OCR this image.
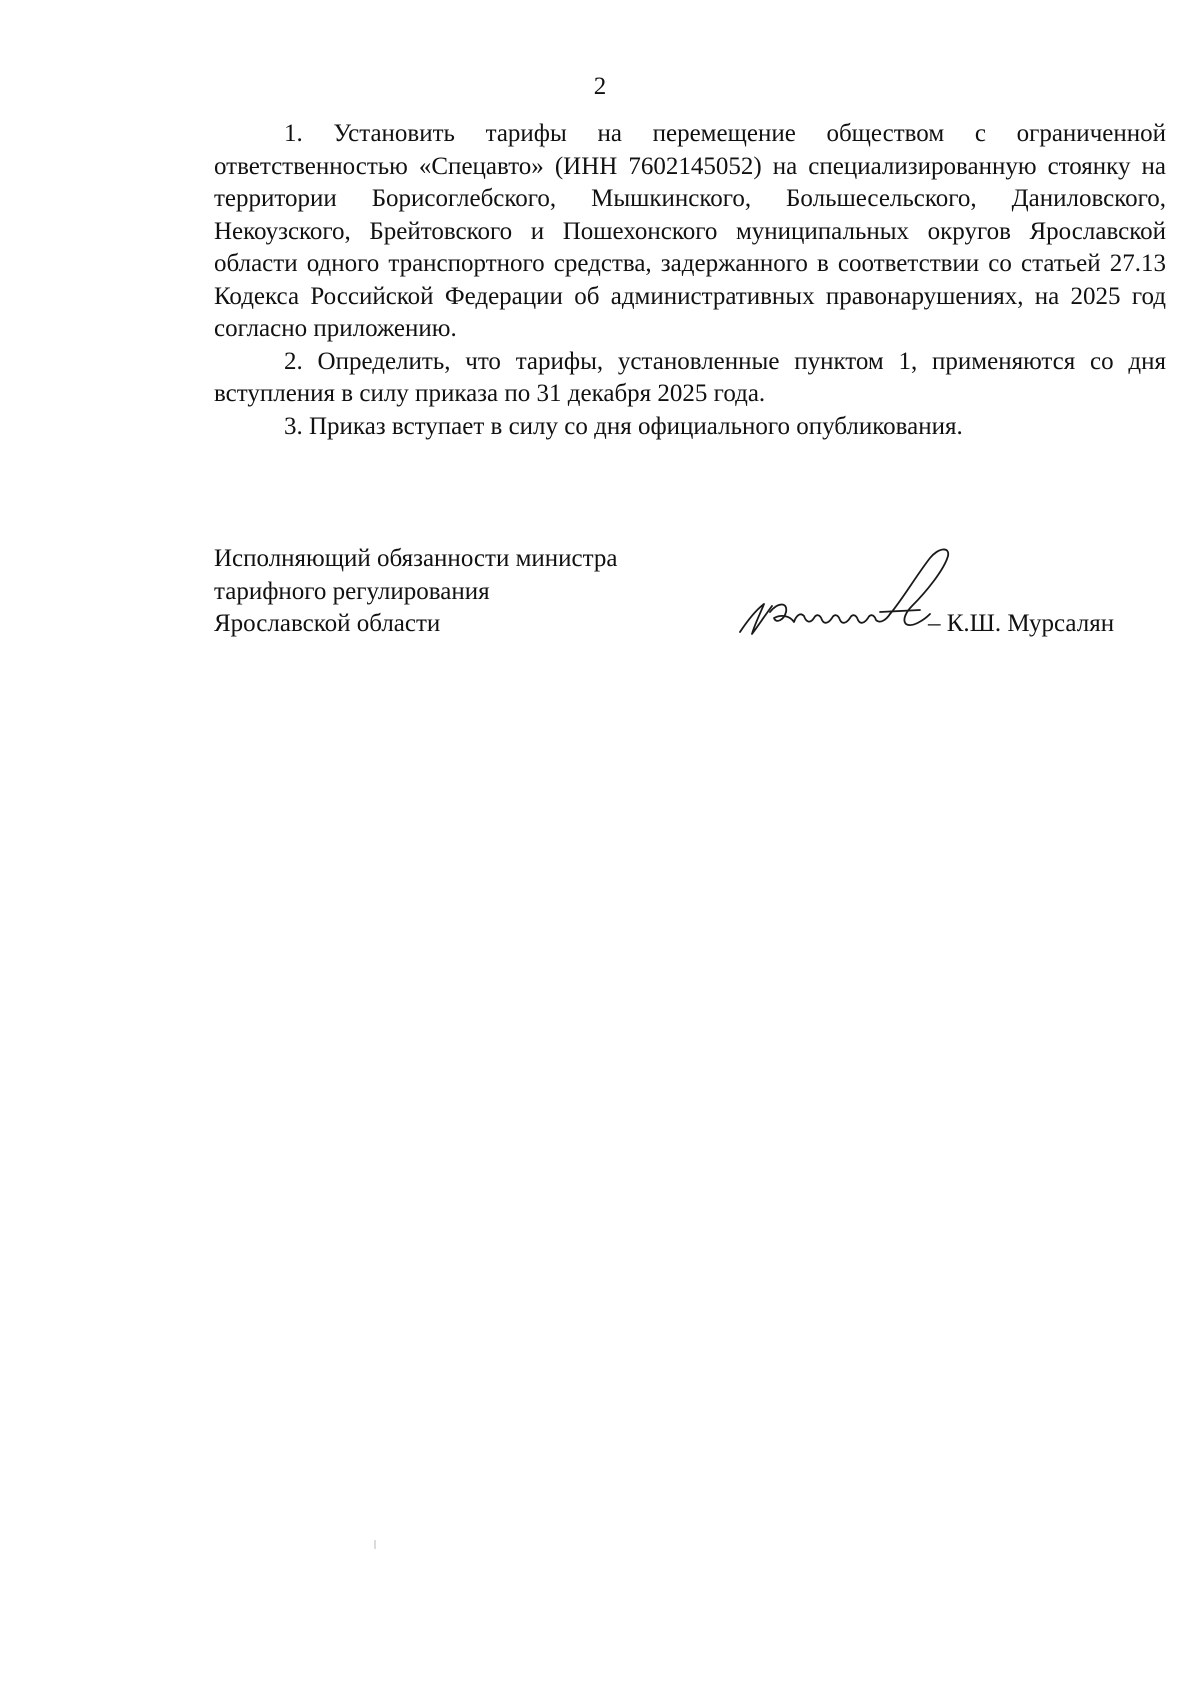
2

1. Установить тарифы на перемещение обществом с ограниченной ответственностью «Спецавто» (ИНН 7602145052) на специализированную стоянку на территории Борисоглебского, Мышкинского, Большесельского, Даниловского, Некоузского, Брейтовского и Пошехонского муниципальных округов Ярославской области одного транспортного средства, задержанного в соответствии со статьей 27.13 Кодекса Российской Федерации об административных правонарушениях, на 2025 год согласно приложению.

2. Определить, что тарифы, установленные пунктом 1, применяются со дня вступления в силу приказа по 31 декабря 2025 года.

3. Приказ вступает в силу со дня официального опубликования.

Исполняющий обязанности министра
тарифного регулирования
Ярославской области	– К.Ш. Мурсалян
